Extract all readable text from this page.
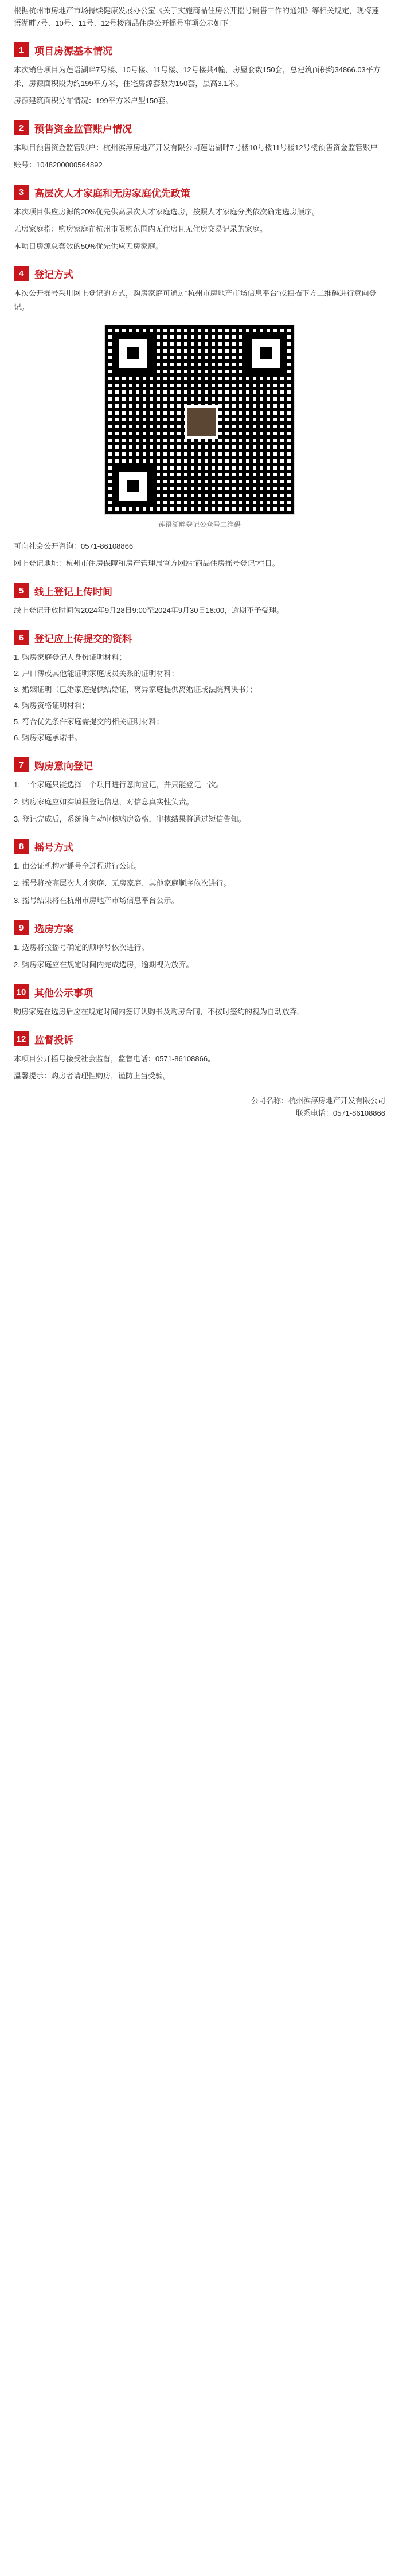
根据杭州市房地产市场持续健康发展办公室《关于实施商品住房公开摇号销售工作的通知》等相关规定，现将莲语湖畔7号、10号、11号、12号楼商品住房公开摇号事项公示如下：
1	项目房源基本情况
本次销售项目为莲语湖畔7号楼、10号楼、11号楼、12号楼共4幢，房屋套数150套，总建筑面积约34866.03平方米，房源面积段为约199平方米，住宅房源套数为150套，层高3.1米。
房源建筑面积分布情况：199平方米户型150套。
2	预售资金监管账户情况
本项目预售资金监管账户：杭州滨淳房地产开发有限公司莲语湖畔7号楼10号楼11号楼12号楼预售资金监管账户
账号：1048200000564892
3	高层次人才家庭和无房家庭优先政策
本次项目供应房源的20%优先供高层次人才家庭选房，按照人才家庭分类依次确定选房顺序。
无房家庭指：购房家庭在杭州市限购范围内无住房且无住房交易记录的家庭。
本项目房源总套数的50%优先供应无房家庭。
4	登记方式
本次公开摇号采用网上登记的方式，购房家庭可通过“杭州市房地产市场信息平台”或扫描下方二维码进行意向登记。
莲语湖畔登记公众号二维码
可向社会公开咨询：0571-86108866
网上登记地址：杭州市住房保障和房产管理局官方网站“商品住房摇号登记”栏目。
5	线上登记上传时间
线上登记开放时间为2024年9月28日9:00至2024年9月30日18:00，逾期不予受理。
6	登记应上传提交的资料
1. 购房家庭登记人身份证明材料；
2. 户口簿或其他能证明家庭成员关系的证明材料；
3. 婚姻证明（已婚家庭提供结婚证，离异家庭提供离婚证或法院判决书）；
4. 购房资格证明材料；
5. 符合优先条件家庭需提交的相关证明材料；
6. 购房家庭承诺书。
7	购房意向登记
1. 一个家庭只能选择一个项目进行意向登记，并只能登记一次。
2. 购房家庭应如实填报登记信息，对信息真实性负责。
3. 登记完成后，系统将自动审核购房资格，审核结果将通过短信告知。
8	摇号方式
1. 由公证机构对摇号全过程进行公证。
2. 摇号将按高层次人才家庭、无房家庭、其他家庭顺序依次进行。
3. 摇号结果将在杭州市房地产市场信息平台公示。
9	选房方案
1. 选房将按摇号确定的顺序号依次进行。
2. 购房家庭应在规定时间内完成选房，逾期视为放弃。
10 其他公示事项
购房家庭在选房后应在规定时间内签订认购书及购房合同，不按时签约的视为自动放弃。
12 监督投诉
本项目公开摇号接受社会监督，监督电话：0571-86108866。
温馨提示：购房者请理性购房，谨防上当受骗。
公司名称：杭州滨淳房地产开发有限公司
联系电话：0571-86108866
